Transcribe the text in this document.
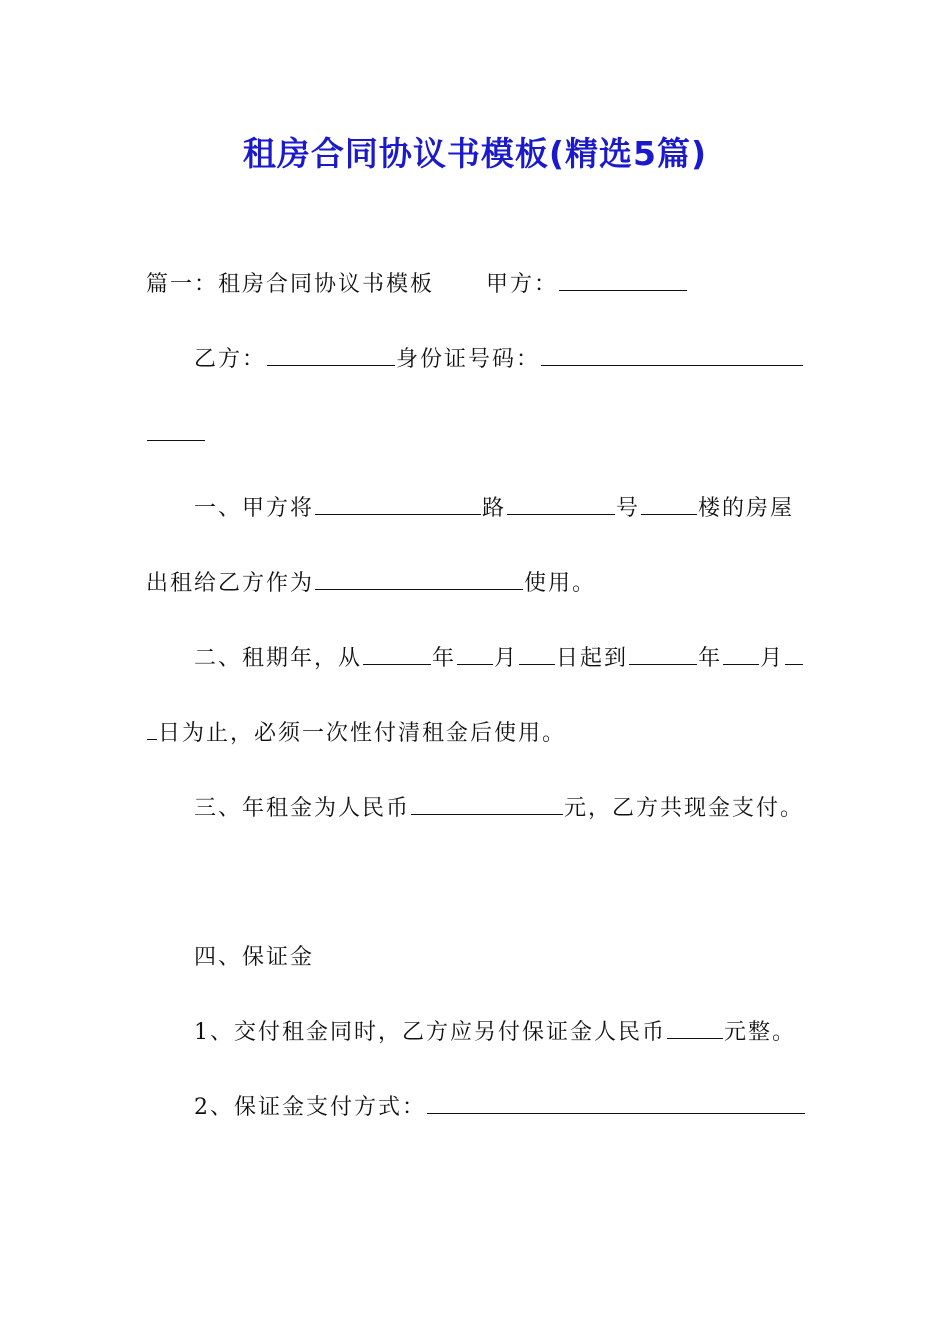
租房合同协议书模板(精选5篇)
篇一：租房合同协议书模板 甲方：
乙方：	身份证号码：
一、甲方将	路	号	楼的房屋
出租给乙方作为	使用。
二、租期年，从	年 月 日起到	年 月
日为止，必须一次性付清租金后使用。
三、年租金为人民币	元，乙方共现金支付。
四、保证金
1、交付租金同时，乙方应另付保证金人民币	元整。
2、保证金支付方式：
